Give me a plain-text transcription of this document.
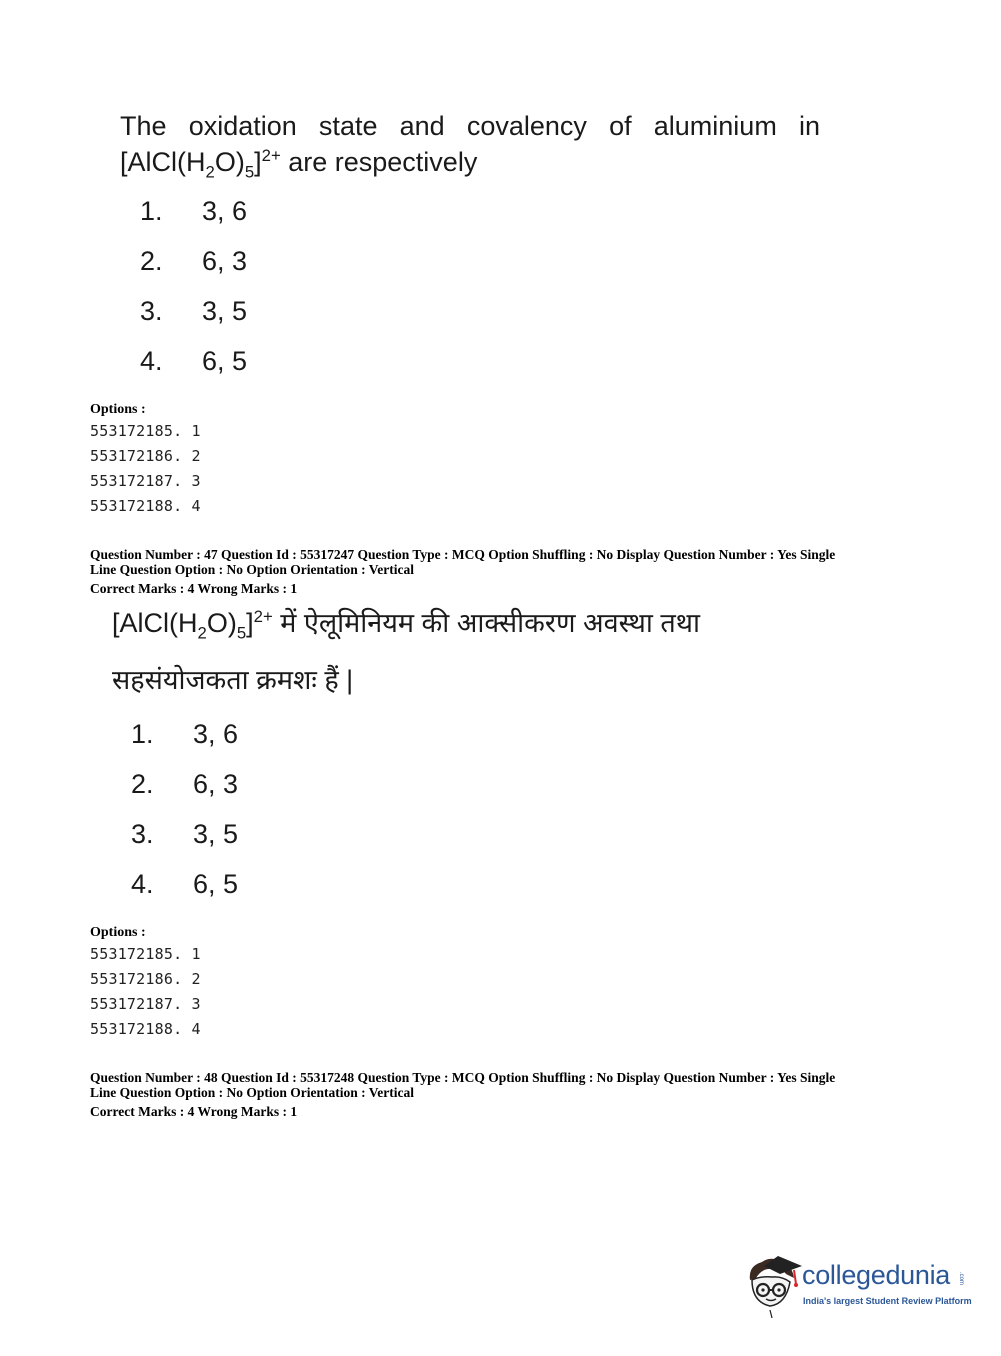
The oxidation state and covalency of aluminium in
$[AlCl(H_2O)_5]^{2+}$ are respectively
1. 3, 6
2. 6, 3
3. 3, 5
4. 6, 5
Options :
553172185. 1
553172186. 2
553172187. 3
553172188. 4
Question Number : 47 Question Id : 55317247 Question Type : MCQ Option Shuffling : No Display Question Number : Yes Single
Line Question Option : No Option Orientation : Vertical
Correct Marks : 4 Wrong Marks : 1
$[AlCl(H_2O)_5]^{2+}$ में ऐलूमिनियम की आक्सीकरण अवस्था तथा
सहसंयोजकता क्रमशः हैं |
1. 3, 6
2. 6, 3
3. 3, 5
4. 6, 5
Options :
553172185. 1
553172186. 2
553172187. 3
553172188. 4
Question Number : 48 Question Id : 55317248 Question Type : MCQ Option Shuffling : No Display Question Number : Yes Single
Line Question Option : No Option Orientation : Vertical
Correct Marks : 4 Wrong Marks : 1
collegedunia .com
India's largest Student Review Platform
